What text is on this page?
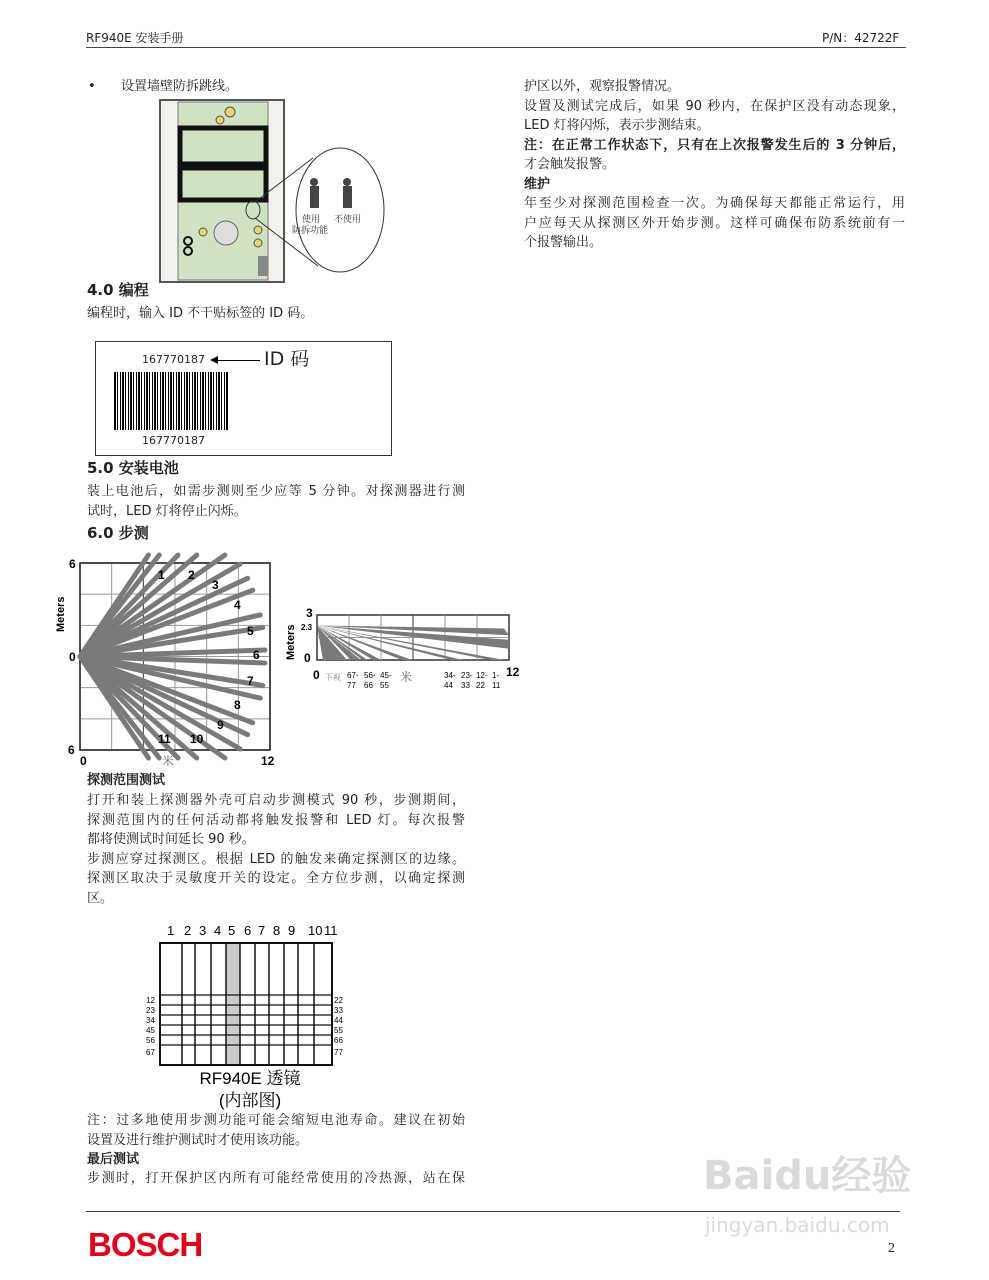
RF940E 安装手册	P/N：42722F
• 设置墙壁防拆跳线。
使用
防拆功能
不使用
4.0 编程
编程时，输入 ID 不干贴标签的 ID 码。
167770187	ID 码
167770187
5.0 安装电池
装上电池后，如需步测则至少应等 5 分钟。对探测器进行测
试时，LED 灯将停止闪烁。
6.0 步测
Meters
6
0
6
0	米	12
1 2
3
4
5
6
7
8
9
10
11
Meters
3
2.3
0
0 下视	米	12
67-
77
56-
66
45-
55
34-
44
23-
33
12-
22
1-
11
探测范围测试
打开和装上探测器外壳可启动步测模式 90 秒，步测期间，
探测范围内的任何活动都将触发报警和 LED 灯。每次报警
都将使测试时间延长 90 秒。
步测应穿过探测区。根据 LED 的触发来确定探测区的边缘。
探测区取决于灵敏度开关的设定。全方位步测，以确定探测
区。
1 2 3 4 5 6 7 8 9 10 11
12
23
34
45
56
67
22
33
44
55
66
77
RF940E 透镜
(内部图)
注：过多地使用步测功能可能会缩短电池寿命。建议在初始
设置及进行维护测试时才使用该功能。
最后测试
步测时，打开保护区内所有可能经常使用的冷热源，站在保
护区以外，观察报警情况。
设置及测试完成后，如果 90 秒内，在保护区没有动态现象，
LED 灯将闪烁，表示步测结束。
注：在正常工作状态下，只有在上次报警发生后的 3 分钟后，
才会触发报警。
维护
年至少对探测范围检查一次。为确保每天都能正常运行，用
户应每天从探测区外开始步测。这样可确保布防系统前有一
个报警输出。
Baidu经验
jingyan.baidu.com
BOSCH	2
